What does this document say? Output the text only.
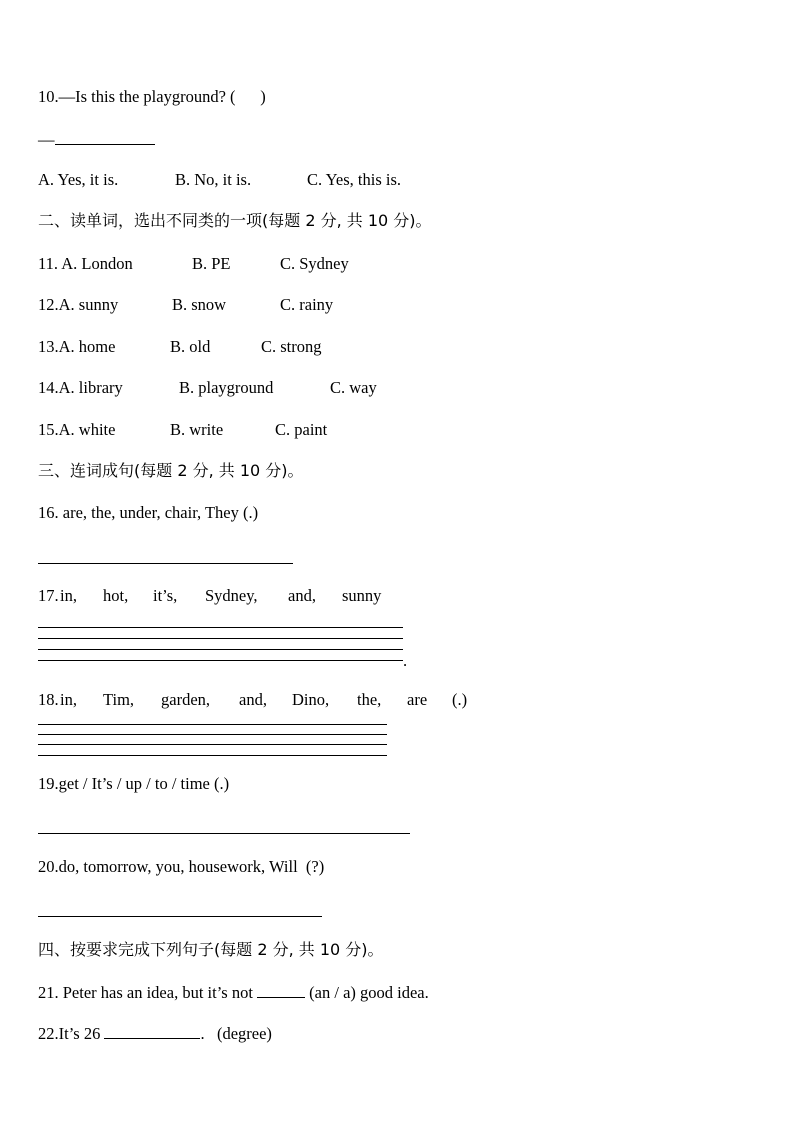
10.—Is this the playground? (      )
—
A. Yes, it is.	B. No, it is.	C. Yes, this is.
二、读单词，选出不同类的一项(每题 2 分, 共 10 分)。
11. A. London	B. PE	C. Sydney
12.A. sunny	B. snow	C. rainy
13.A. home	B. old	C. strong
14.A. library	B. playground	C. way
15.A. white	B. write	C. paint
三、连词成句(每题 2 分, 共 10 分)。
16. are, the, under, chair, They (.)
17. in, hot, it’s, Sydney, and, sunny
.
18. in, Tim, garden, and, Dino, the, are (.)
19.get / It’s / up / to / time (.)
20.do, tomorrow, you, housework, Will  (?)
四、按要求完成下列句子(每题 2 分, 共 10 分)。
21. Peter has an idea, but it’s not	(an / a) good idea.
22.It’s 26	.   (degree)
